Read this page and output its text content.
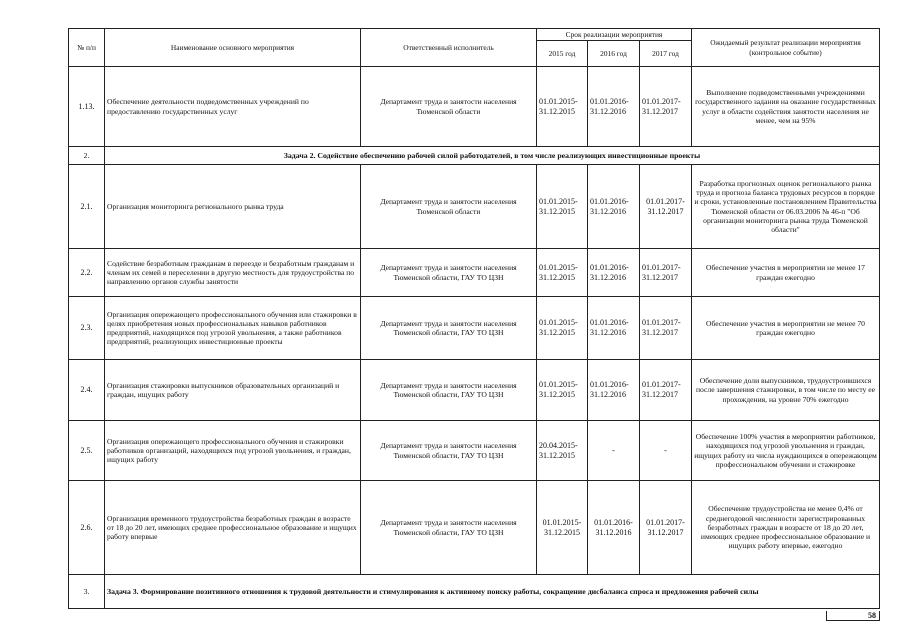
№ п/п	Наименование основного мероприятия	Ответственный исполнитель	Срок реализации мероприятия			Ожидаемый результат реализации мероприятия (контрольное событие)
			2015 год	2016 год	2017 год	
1.13.	Обеспечение деятельности подведомственных учреждений по предоставлению государственных услуг	Департамент труда и занятости населения Тюменской области	01.01.2015-31.12.2015	01.01.2016-31.12.2016	01.01.2017-31.12.2017	Выполнение подведомственными учреждениями государственного задания на оказание государственных услуг в области содействия занятости населения не менее, чем на 95%
2.	Задача 2. Содействие обеспечению рабочей силой работодателей, в том числе реализующих инвестиционные проекты					
2.1.	Организация мониторинга регионального рынка труда	Департамент труда и занятости населения Тюменской области	01.01.2015-31.12.2015	01.01.2016-31.12.2016	01.01.2017-31.12.2017	Разработка прогнозных оценок регионального рынка труда и прогноза баланса трудовых ресурсов в порядке и сроки, установленные постановлением Правительства Тюменской области от 06.03.2006 № 46-п "Об организации мониторинга рынка труда Тюменской области"
2.2.	Содействие безработным гражданам в переезде и безработным гражданам и членам их семей в переселении в другую местность для трудоустройства по направлению органов службы занятости	Департамент труда и занятости населения Тюменской области, ГАУ ТО ЦЗН	01.01.2015-31.12.2015	01.01.2016-31.12.2016	01.01.2017-31.12.2017	Обеспечение участия в мероприятии не менее 17 граждан ежегодно
2.3.	Организация опережающего профессионального обучения или стажировки в целях приобретения новых профессиональных навыков работников предприятий, находящихся под угрозой увольнения, а также работников предприятий, реализующих инвестиционные проекты	Департамент труда и занятости населения Тюменской области, ГАУ ТО ЦЗН	01.01.2015-31.12.2015	01.01.2016-31.12.2016	01.01.2017-31.12.2017	Обеспечение участия в мероприятии не менее 70 граждан ежегодно
2.4.	Организация стажировки выпускников образовательных организаций и граждан, ищущих работу	Департамент труда и занятости населения Тюменской области, ГАУ ТО ЦЗН	01.01.2015-31.12.2015	01.01.2016-31.12.2016	01.01.2017-31.12.2017	Обеспечение доли выпускников, трудоустроившихся после завершения стажировки, в том числе по месту ее прохождения, на уровне 70% ежегодно
2.5.	Организация опережающего профессионального обучения и стажировки работников организаций, находящихся под угрозой увольнения, и граждан, ищущих работу	Департамент труда и занятости населения Тюменской области, ГАУ ТО ЦЗН	20.04.2015-31.12.2015	-	-	Обеспечение 100% участия в мероприятии работников, находящихся под угрозой увольнения и граждан, ищущих работу из числа нуждающихся в опережающем профессиональном обучении и стажировке
2.6.	Организация временного трудоустройства безработных граждан в возрасте от 18 до 20 лет, имеющих среднее профессиональное образование и ищущих работу впервые	Департамент труда и занятости населения Тюменской области, ГАУ ТО ЦЗН	01.01.2015-31.12.2015	01.01.2016-31.12.2016	01.01.2017-31.12.2017	Обеспечение трудоустройства не менее 0,4% от среднегодовой численности зарегистрированных безработных граждан в возрасте от 18 до 20 лет, имеющих среднее профессиональное образование и ищущих работу впервые, ежегодно
3.	Задача 3. Формирование позитивного отношения к трудовой деятельности и стимулирования к активному поиску работы, сокращение дисбаланса спроса и предложения рабочей силы					
58
